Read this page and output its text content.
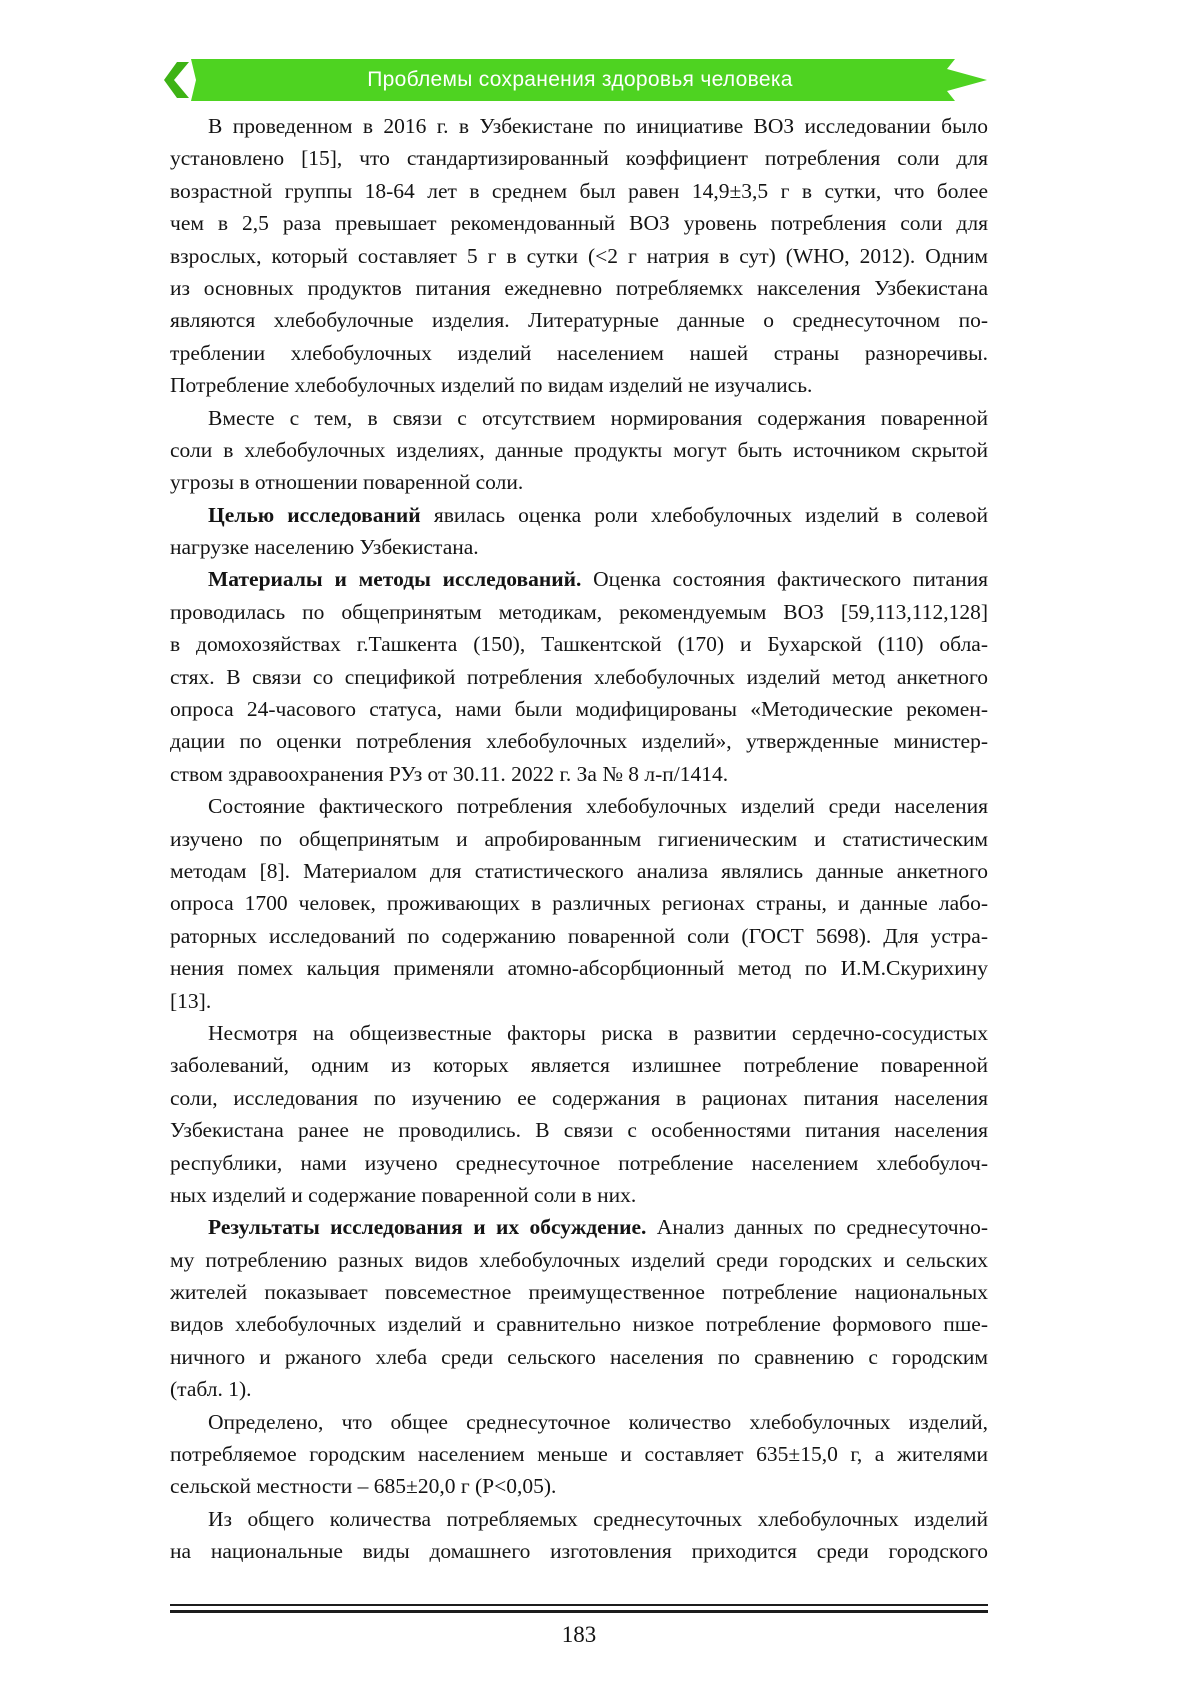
Проблемы сохранения здоровья человека
В проведенном в 2016 г. в Узбекистане по инициативе ВОЗ исследовании было
установлено [15], что стандартизированный коэффициент потребления соли для
возрастной группы 18-64 лет в среднем был равен 14,9±3,5 г в сутки, что более
чем в 2,5 раза превышает рекомендованный ВОЗ уровень потребления соли для
взрослых, который составляет 5 г в сутки (<2 г натрия в сут) (WHO, 2012). Одним
из основных продуктов питания ежедневно потребляемкх накселения Узбекистана
являются хлебобулочные изделия. Литературные данные о среднесуточном по-
треблении хлебобулочных изделий населением нашей страны разноречивы.
Потребление хлебобулочных изделий по видам изделий не изучались.
Вместе с тем, в связи с отсутствием нормирования содержания поваренной
соли в хлебобулочных изделиях, данные продукты могут быть источником скрытой
угрозы в отношении поваренной соли.
Целью исследований явилась оценка роли хлебобулочных изделий в солевой
нагрузке населению Узбекистана.
Материалы и методы исследований. Оценка состояния фактического питания
проводилась по общепринятым методикам, рекомендуемым ВОЗ [59,113,112,128]
в домохозяйствах г.Ташкента (150), Ташкентской (170) и Бухарской (110) обла-
стях. В связи со спецификой потребления хлебобулочных изделий метод анкетного
опроса 24-часового статуса, нами были модифицированы «Методические рекомен-
дации по оценки потребления хлебобулочных изделий», утвержденные министер-
ством здравоохранения РУз от 30.11. 2022 г. За № 8 л-п/1414.
Состояние фактического потребления хлебобулочных изделий среди населения
изучено по общепринятым и апробированным гигиеническим и статистическим
методам [8]. Материалом для статистического анализа являлись данные анкетного
опроса 1700 человек, проживающих в различных регионах страны, и данные лабо-
раторных исследований по содержанию поваренной соли (ГОСТ 5698). Для устра-
нения помех кальция применяли атомно-абсорбционный метод по И.М.Скурихину
[13].
Несмотря на общеизвестные факторы риска в развитии сердечно-сосудистых
заболеваний, одним из которых является излишнее потребление поваренной
соли, исследования по изучению ее содержания в рационах питания населения
Узбекистана ранее не проводились. В связи с особенностями питания населения
республики, нами изучено среднесуточное потребление населением хлебобулоч-
ных изделий и содержание поваренной соли в них.
Результаты исследования и их обсуждение. Анализ данных по среднесуточно-
му потреблению разных видов хлебобулочных изделий среди городских и сельских
жителей показывает повсеместное преимущественное потребление национальных
видов хлебобулочных изделий и сравнительно низкое потребление формового пше-
ничного и ржаного хлеба среди сельского населения по сравнению с городским
(табл. 1).
Определено, что общее среднесуточное количество хлебобулочных изделий,
потребляемое городским населением меньше и составляет 635±15,0 г, а жителями
сельской местности – 685±20,0 г (P<0,05).
Из общего количества потребляемых среднесуточных хлебобулочных изделий
на национальные виды домашнего изготовления приходится среди городского
183
